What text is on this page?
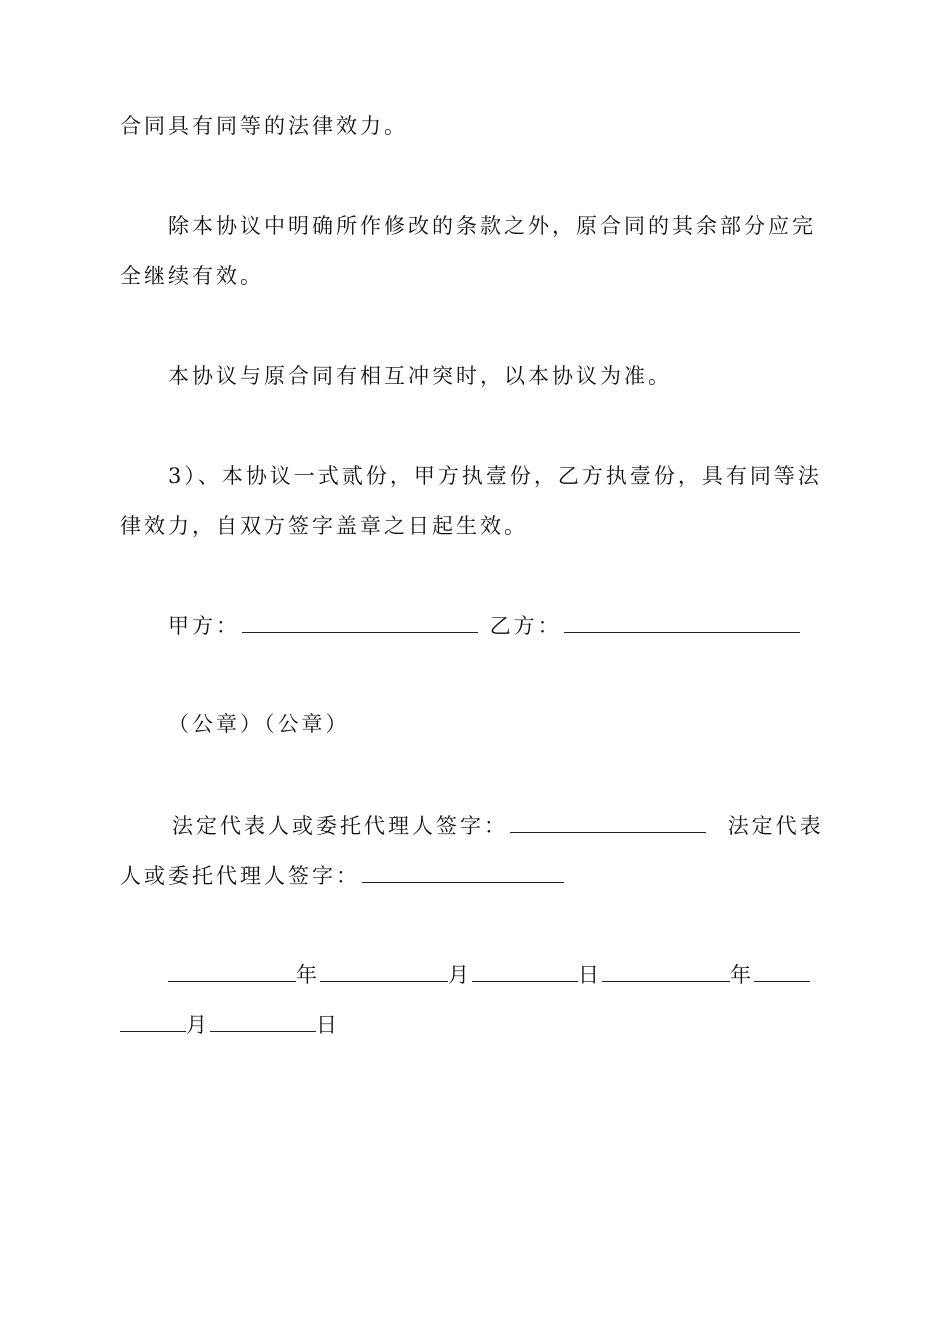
合同具有同等的法律效力。
除本协议中明确所作修改的条款之外，原合同的其余部分应完
全继续有效。
本协议与原合同有相互冲突时，以本协议为准。
3）、本协议一式贰份，甲方执壹份，乙方执壹份，具有同等法
律效力，自双方签字盖章之日起生效。
甲方：	乙方：
（公章）（公章）
法定代表人或委托代理人签字：	法定代表
人或委托代理人签字：
年	月	日	年
月	日
